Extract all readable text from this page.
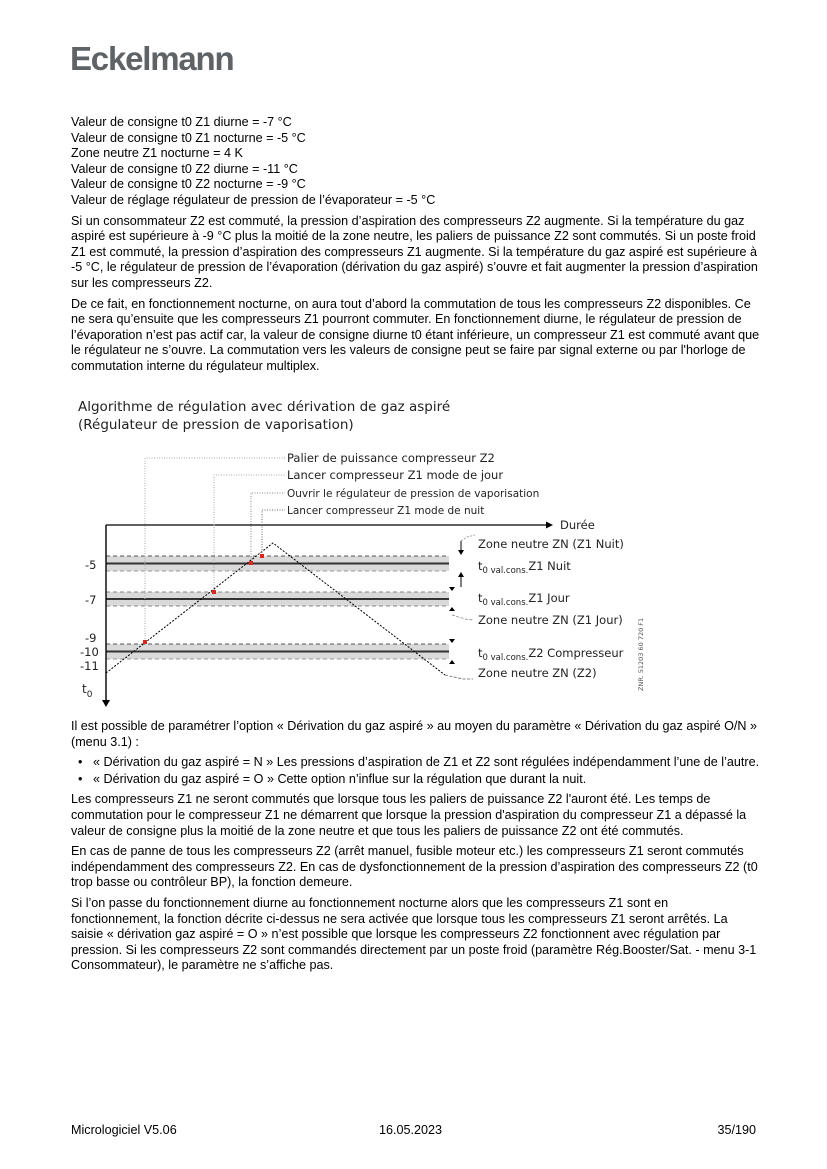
Eckelmann
Valeur de consigne t0 Z1 diurne = -7 °C
Valeur de consigne t0 Z1 nocturne = -5 °C
Zone neutre Z1 nocturne = 4 K
Valeur de consigne t0 Z2 diurne = -11 °C
Valeur de consigne t0 Z2 nocturne = -9 °C
Valeur de réglage régulateur de pression de l’évaporateur = -5 °C

Si un consommateur Z2 est commuté, la pression d’aspiration des compresseurs Z2 augmente. Si la température du gaz aspiré est supérieure à -9 °C plus la moitié de la zone neutre, les paliers de puissance Z2 sont commutés. Si un poste froid Z1 est commuté, la pression d’aspiration des compresseurs Z1 augmente. Si la température du gaz aspiré est supérieure à -5 °C, le régulateur de pression de l’évaporation (dérivation du gaz aspiré) s’ouvre et fait augmenter la pression d’aspiration sur les compresseurs Z2.

De ce fait, en fonctionnement nocturne, on aura tout d’abord la commutation de tous les compresseurs Z2 disponibles. Ce ne sera qu’ensuite que les compresseurs Z1 pourront commuter. En fonctionnement diurne, le régulateur de pression de l’évaporation n’est pas actif car, la valeur de consigne diurne t0 étant inférieure, un compresseur Z1 est commuté avant que le régulateur ne s’ouvre. La commutation vers les valeurs de consigne peut se faire par signal externe ou par l'horloge de commutation interne du régulateur multiplex.

Algorithme de régulation avec dérivation de gaz aspiré
(Régulateur de pression de vaporisation)
Durée
-5
-7
-9
-10
-11
$t_0$
Palier de puissance compresseur Z2
Lancer compresseur Z1 mode de jour
Ouvrir le régulateur de pression de vaporisation
Lancer compresseur Z1 mode de nuit
Zone neutre ZN (Z1 Nuit)
Zone neutre ZN (Z1 Jour)
Zone neutre ZN (Z2)
$t_{0 val.cons.}Z1$ Nuit
$t_{0 val.cons.}Z1$ Jour
$t_{0 val.cons.}Z2$ Compresseur ZNR. 51203 60 720 F1

Il est possible de paramétrer l’option « Dérivation du gaz aspiré » au moyen du paramètre « Dérivation du gaz aspiré O/N » (menu 3.1) :

• « Dérivation du gaz aspiré = N » Les pressions d’aspiration de Z1 et Z2 sont régulées indépendamment l’une de l’autre.
• « Dérivation du gaz aspiré = O » Cette option n’influe sur la régulation que durant la nuit.

Les compresseurs Z1 ne seront commutés que lorsque tous les paliers de puissance Z2 l'auront été. Les temps de commutation pour le compresseur Z1 ne démarrent que lorsque la pression d'aspiration du compresseur Z1 a dépassé la valeur de consigne plus la moitié de la zone neutre et que tous les paliers de puissance Z2 ont été commutés.

En cas de panne de tous les compresseurs Z2 (arrêt manuel, fusible moteur etc.) les compresseurs Z1 seront commutés indépendamment des compresseurs Z2. En cas de dysfonctionnement de la pression d’aspiration des compresseurs Z2 (t0 trop basse ou contrôleur BP), la fonction demeure.

Si l’on passe du fonctionnement diurne au fonctionnement nocturne alors que les compresseurs Z1 sont en fonctionnement, la fonction décrite ci-dessus ne sera activée que lorsque tous les compresseurs Z1 seront arrêtés. La saisie « dérivation gaz aspiré = O » n’est possible que lorsque les compresseurs Z2 fonctionnent avec régulation par pression. Si les compresseurs Z2 sont commandés directement par un poste froid (paramètre Rég.Booster/Sat. - menu 3-1 Consommateur), le paramètre ne s’affiche pas.

Micrologiciel V5.06	16.05.2023	35/190
